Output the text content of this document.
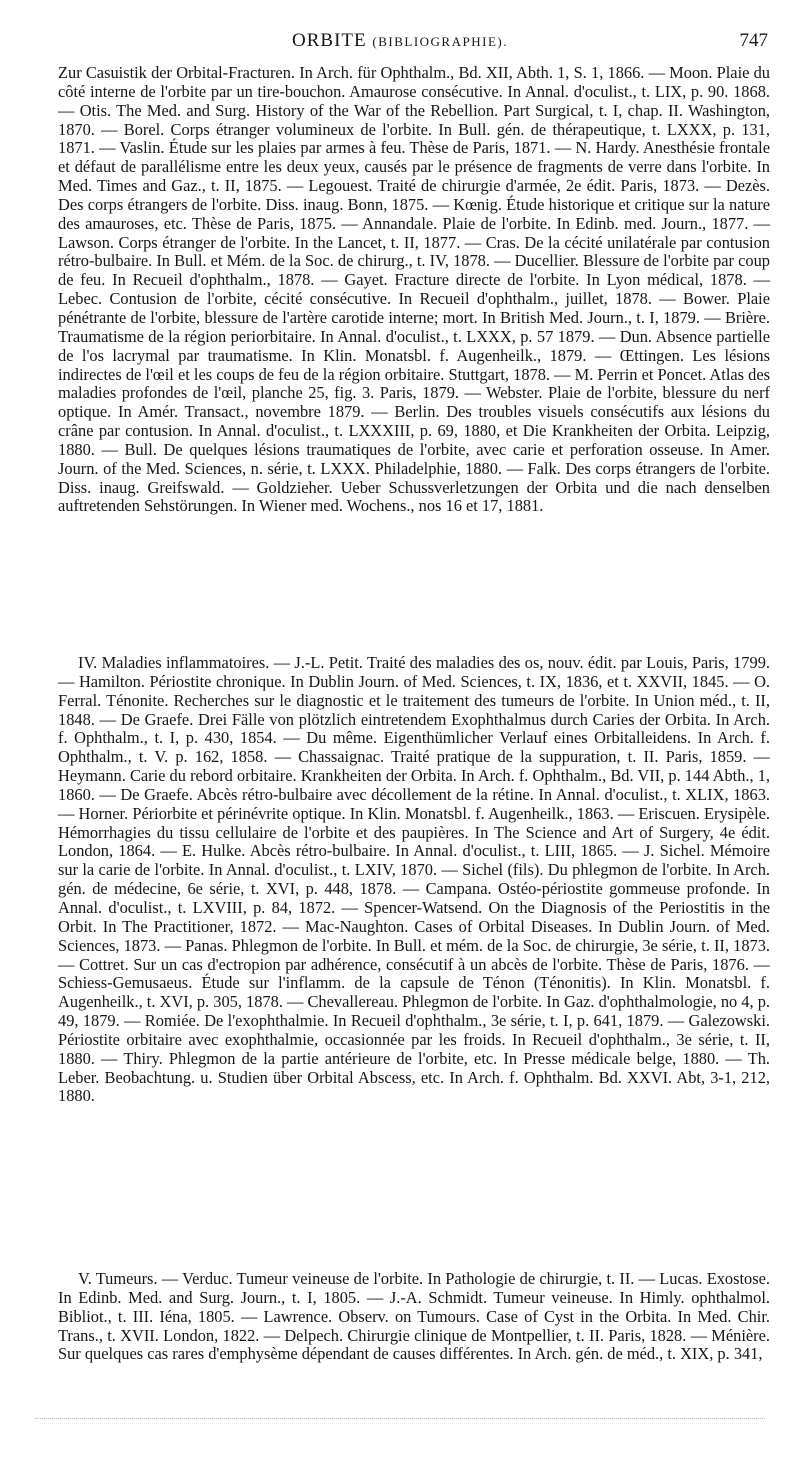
ORBITE (BIBLIOGRAPHIE).	747

Zur Casuistik der Orbital-Fracturen. In Arch. für Ophthalm., Bd. XII, Abth. 1, S. 1, 1866. — Moon. Plaie du côté interne de l'orbite par un tire-bouchon. Amaurose consécutive. In Annal. d'oculist., t. LIX, p. 90. 1868. — Otis. The Med. and Surg. History of the War of the Rebellion. Part Surgical, t. I, chap. II. Washington, 1870. — Borel. Corps étranger volumineux de l'orbite. In Bull. gén. de thérapeutique, t. LXXX, p. 131, 1871. — Vaslin. Étude sur les plaies par armes à feu. Thèse de Paris, 1871. — N. Hardy. Anesthésie frontale et défaut de parallélisme entre les deux yeux, causés par le présence de fragments de verre dans l'orbite. In Med. Times and Gaz., t. II, 1875. — Legouest. Traité de chirurgie d'armée, 2e édit. Paris, 1873. — Dezès. Des corps étrangers de l'orbite. Diss. inaug. Bonn, 1875. — Kœnig. Étude historique et critique sur la nature des amauroses, etc. Thèse de Paris, 1875. — Annandale. Plaie de l'orbite. In Edinb. med. Journ., 1877. — Lawson. Corps étranger de l'orbite. In the Lancet, t. II, 1877. — Cras. De la cécité unilatérale par contusion rétro-bulbaire. In Bull. et Mém. de la Soc. de chirurg., t. IV, 1878. — Ducellier. Blessure de l'orbite par coup de feu. In Recueil d'ophthalm., 1878. — Gayet. Fracture directe de l'orbite. In Lyon médical, 1878. — Lebec. Contusion de l'orbite, cécité consécutive. In Recueil d'ophthalm., juillet, 1878. — Bower. Plaie pénétrante de l'orbite, blessure de l'artère carotide interne; mort. In British Med. Journ., t. I, 1879. — Brière. Traumatisme de la région periorbitaire. In Annal. d'oculist., t. LXXX, p. 57 1879. — Dun. Absence partielle de l'os lacrymal par traumatisme. In Klin. Monatsbl. f. Augenheilk., 1879. — Œttingen. Les lésions indirectes de l'œil et les coups de feu de la région orbitaire. Stuttgart, 1878. — M. Perrin et Poncet. Atlas des maladies profondes de l'œil, planche 25, fig. 3. Paris, 1879. — Webster. Plaie de l'orbite, blessure du nerf optique. In Amér. Transact., novembre 1879. — Berlin. Des troubles visuels consécutifs aux lésions du crâne par contusion. In Annal. d'oculist., t. LXXXIII, p. 69, 1880, et Die Krankheiten der Orbita. Leipzig, 1880. — Bull. De quelques lésions traumatiques de l'orbite, avec carie et perforation osseuse. In Amer. Journ. of the Med. Sciences, n. série, t. LXXX. Philadelphie, 1880. — Falk. Des corps étrangers de l'orbite. Diss. inaug. Greifswald. — Goldzieher. Ueber Schussverletzungen der Orbita und die nach denselben auftretenden Sehstörungen. In Wiener med. Wochens., nos 16 et 17, 1881.

IV. Maladies inflammatoires. — J.-L. Petit. Traité des maladies des os, nouv. édit. par Louis, Paris, 1799. — Hamilton. Périostite chronique. In Dublin Journ. of Med. Sciences, t. IX, 1836, et t. XXVII, 1845. — O. Ferral. Ténonite. Recherches sur le diagnostic et le traitement des tumeurs de l'orbite. In Union méd., t. II, 1848. — De Graefe. Drei Fälle von plötzlich eintretendem Exophthalmus durch Caries der Orbita. In Arch. f. Ophthalm., t. I, p. 430, 1854. — Du même. Eigenthümlicher Verlauf eines Orbitalleidens. In Arch. f. Ophthalm., t. V. p. 162, 1858. — Chassaignac. Traité pratique de la suppuration, t. II. Paris, 1859. — Heymann. Carie du rebord orbitaire. Krankheiten der Orbita. In Arch. f. Ophthalm., Bd. VII, p. 144 Abth., 1, 1860. — De Graefe. Abcès rétro-bulbaire avec décollement de la rétine. In Annal. d'oculist., t. XLIX, 1863. — Horner. Périorbite et périnévrite optique. In Klin. Monatsbl. f. Augenheilk., 1863. — Eriscuen. Erysipèle. Hémorrhagies du tissu cellulaire de l'orbite et des paupières. In The Science and Art of Surgery, 4e édit. London, 1864. — E. Hulke. Abcès rétro-bulbaire. In Annal. d'oculist., t. LIII, 1865. — J. Sichel. Mémoire sur la carie de l'orbite. In Annal. d'oculist., t. LXIV, 1870. — Sichel (fils). Du phlegmon de l'orbite. In Arch. gén. de médecine, 6e série, t. XVI, p. 448, 1878. — Campana. Ostéo-périostite gommeuse profonde. In Annal. d'oculist., t. LXVIII, p. 84, 1872. — Spencer-Watsend. On the Diagnosis of the Periostitis in the Orbit. In The Practitioner, 1872. — Mac-Naughton. Cases of Orbital Diseases. In Dublin Journ. of Med. Sciences, 1873. — Panas. Phlegmon de l'orbite. In Bull. et mém. de la Soc. de chirurgie, 3e série, t. II, 1873. — Cottret. Sur un cas d'ectropion par adhérence, consécutif à un abcès de l'orbite. Thèse de Paris, 1876. — Schiess-Gemusaeus. Étude sur l'inflamm. de la capsule de Ténon (Ténonitis). In Klin. Monatsbl. f. Augenheilk., t. XVI, p. 305, 1878. — Chevallereau. Phlegmon de l'orbite. In Gaz. d'ophthalmologie, no 4, p. 49, 1879. — Romiée. De l'exophthalmie. In Recueil d'ophthalm., 3e série, t. I, p. 641, 1879. — Galezowski. Périostite orbitaire avec exophthalmie, occasionnée par les froids. In Recueil d'ophthalm., 3e série, t. II, 1880. — Thiry. Phlegmon de la partie antérieure de l'orbite, etc. In Presse médicale belge, 1880. — Th. Leber. Beobachtung. u. Studien über Orbital Abscess, etc. In Arch. f. Ophthalm. Bd. XXVI. Abt, 3-1, 212, 1880.

V. Tumeurs. — Verduc. Tumeur veineuse de l'orbite. In Pathologie de chirurgie, t. II. — Lucas. Exostose. In Edinb. Med. and Surg. Journ., t. I, 1805. — J.-A. Schmidt. Tumeur veineuse. In Himly. ophthalmol. Bibliot., t. III. Iéna, 1805. — Lawrence. Observ. on Tumours. Case of Cyst in the Orbita. In Med. Chir. Trans., t. XVII. London, 1822. — Delpech. Chirurgie clinique de Montpellier, t. II. Paris, 1828. — Ménière. Sur quelques cas rares d'emphysème dépendant de causes différentes. In Arch. gén. de méd., t. XIX, p. 341,
